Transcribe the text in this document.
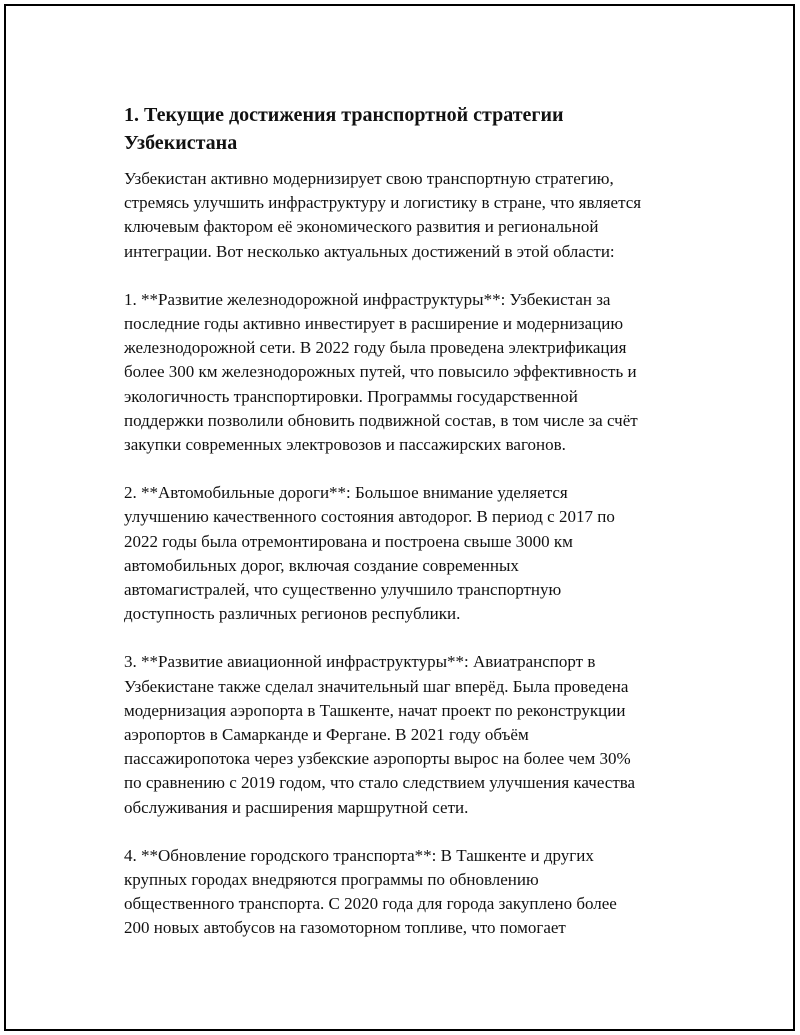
1. Текущие достижения транспортной стратегии
Узбекистана
Узбекистан активно модернизирует свою транспортную стратегию,
стремясь улучшить инфраструктуру и логистику в стране, что является
ключевым фактором её экономического развития и региональной
интеграции. Вот несколько актуальных достижений в этой области:
1. **Развитие железнодорожной инфраструктуры**: Узбекистан за
последние годы активно инвестирует в расширение и модернизацию
железнодорожной сети. В 2022 году была проведена электрификация
более 300 км железнодорожных путей, что повысило эффективность и
экологичность транспортировки. Программы государственной
поддержки позволили обновить подвижной состав, в том числе за счёт
закупки современных электровозов и пассажирских вагонов.
2. **Автомобильные дороги**: Большое внимание уделяется
улучшению качественного состояния автодорог. В период с 2017 по
2022 годы была отремонтирована и построена свыше 3000 км
автомобильных дорог, включая создание современных
автомагистралей, что существенно улучшило транспортную
доступность различных регионов республики.
3. **Развитие авиационной инфраструктуры**: Авиатранспорт в
Узбекистане также сделал значительный шаг вперёд. Была проведена
модернизация аэропорта в Ташкенте, начат проект по реконструкции
аэропортов в Самарканде и Фергане. В 2021 году объём
пассажиропотока через узбекские аэропорты вырос на более чем 30%
по сравнению с 2019 годом, что стало следствием улучшения качества
обслуживания и расширения маршрутной сети.
4. **Обновление городского транспорта**: В Ташкенте и других
крупных городах внедряются программы по обновлению
общественного транспорта. С 2020 года для города закуплено более
200 новых автобусов на газомоторном топливе, что помогает
